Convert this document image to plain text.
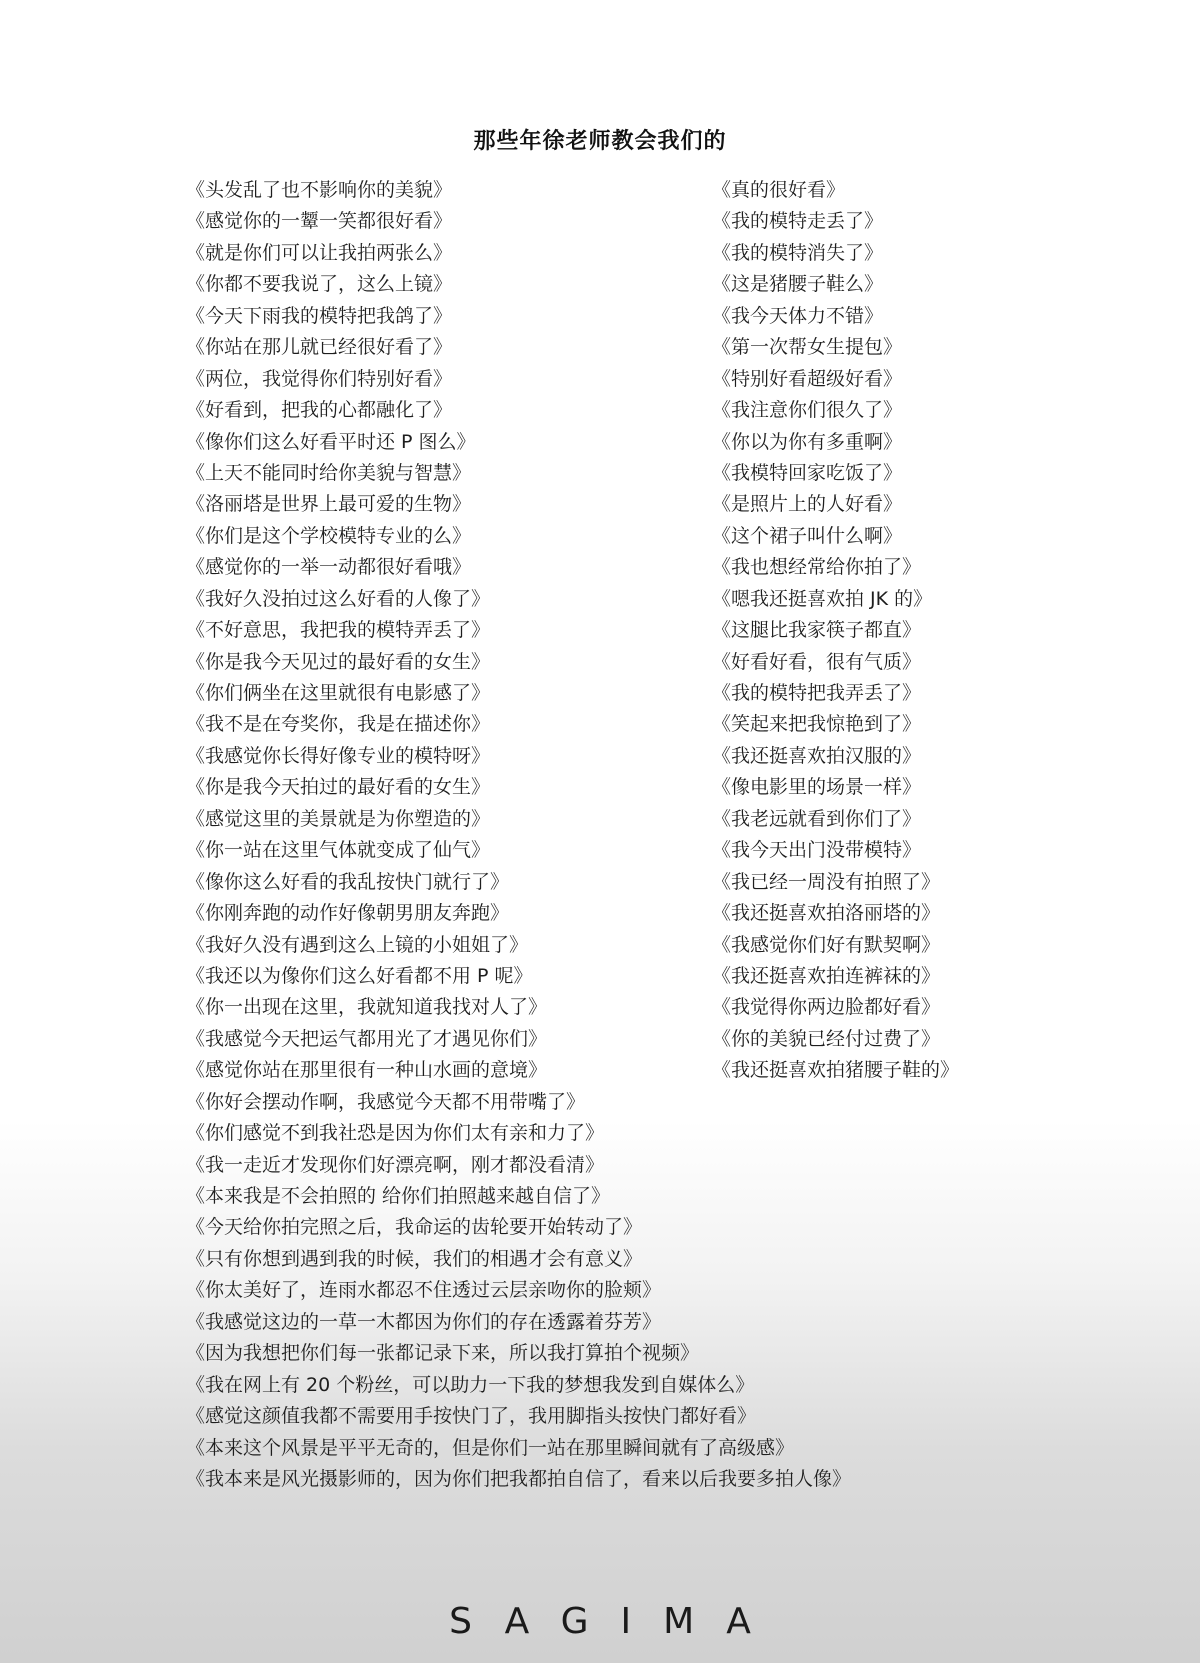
那些年徐老师教会我们的
《头发乱了也不影响你的美貌》
《感觉你的一颦一笑都很好看》
《就是你们可以让我拍两张么》
《你都不要我说了，这么上镜》
《今天下雨我的模特把我鸽了》
《你站在那儿就已经很好看了》
《两位，我觉得你们特别好看》
《好看到，把我的心都融化了》
《像你们这么好看平时还 P 图么》
《上天不能同时给你美貌与智慧》
《洛丽塔是世界上最可爱的生物》
《你们是这个学校模特专业的么》
《感觉你的一举一动都很好看哦》
《我好久没拍过这么好看的人像了》
《不好意思，我把我的模特弄丢了》
《你是我今天见过的最好看的女生》
《你们俩坐在这里就很有电影感了》
《我不是在夸奖你，我是在描述你》
《我感觉你长得好像专业的模特呀》
《你是我今天拍过的最好看的女生》
《感觉这里的美景就是为你塑造的》
《你一站在这里气体就变成了仙气》
《像你这么好看的我乱按快门就行了》
《你刚奔跑的动作好像朝男朋友奔跑》
《我好久没有遇到这么上镜的小姐姐了》
《我还以为像你们这么好看都不用 P 呢》
《你一出现在这里，我就知道我找对人了》
《我感觉今天把运气都用光了才遇见你们》
《感觉你站在那里很有一种山水画的意境》
《你好会摆动作啊，我感觉今天都不用带嘴了》
《你们感觉不到我社恐是因为你们太有亲和力了》
《我一走近才发现你们好漂亮啊，刚才都没看清》
《本来我是不会拍照的 给你们拍照越来越自信了》
《今天给你拍完照之后，我命运的齿轮要开始转动了》
《只有你想到遇到我的时候，我们的相遇才会有意义》
《你太美好了，连雨水都忍不住透过云层亲吻你的脸颊》
《我感觉这边的一草一木都因为你们的存在透露着芬芳》
《因为我想把你们每一张都记录下来，所以我打算拍个视频》
《我在网上有 20 个粉丝，可以助力一下我的梦想我发到自媒体么》
《感觉这颜值我都不需要用手按快门了，我用脚指头按快门都好看》
《本来这个风景是平平无奇的，但是你们一站在那里瞬间就有了高级感》
《我本来是风光摄影师的，因为你们把我都拍自信了，看来以后我要多拍人像》
《真的很好看》
《我的模特走丢了》
《我的模特消失了》
《这是猪腰子鞋么》
《我今天体力不错》
《第一次帮女生提包》
《特别好看超级好看》
《我注意你们很久了》
《你以为你有多重啊》
《我模特回家吃饭了》
《是照片上的人好看》
《这个裙子叫什么啊》
《我也想经常给你拍了》
《嗯我还挺喜欢拍 JK 的》
《这腿比我家筷子都直》
《好看好看，很有气质》
《我的模特把我弄丢了》
《笑起来把我惊艳到了》
《我还挺喜欢拍汉服的》
《像电影里的场景一样》
《我老远就看到你们了》
《我今天出门没带模特》
《我已经一周没有拍照了》
《我还挺喜欢拍洛丽塔的》
《我感觉你们好有默契啊》
《我还挺喜欢拍连裤袜的》
《我觉得你两边脸都好看》
《你的美貌已经付过费了》
《我还挺喜欢拍猪腰子鞋的》
SAGIMA
